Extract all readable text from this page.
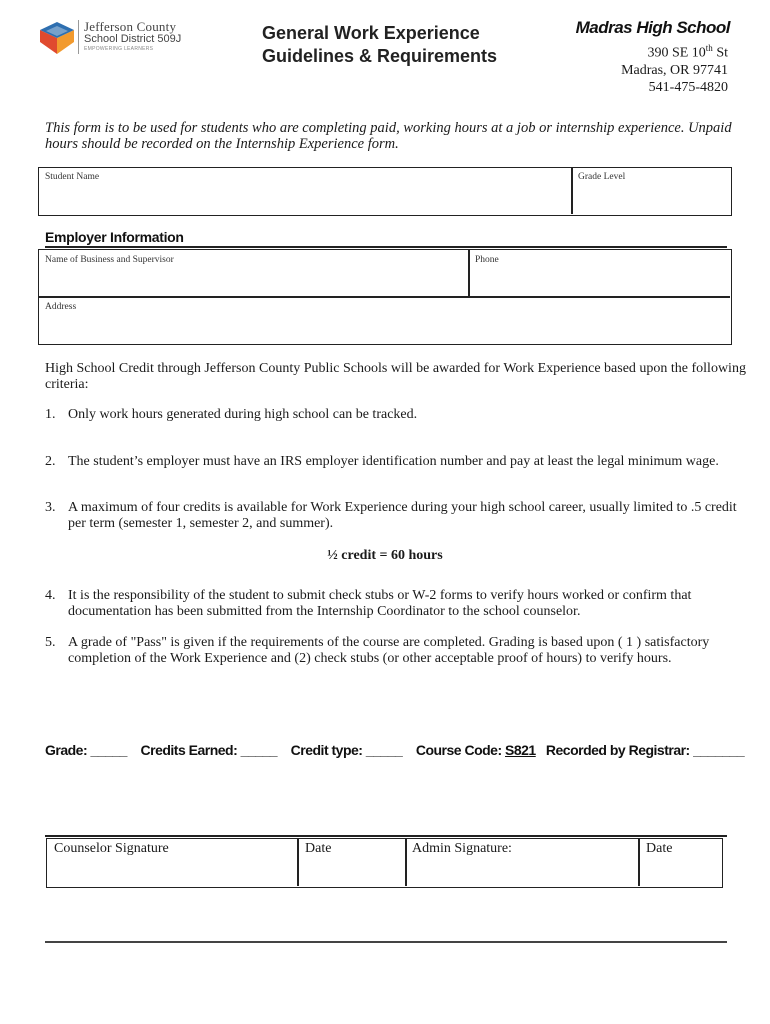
Jefferson County
School District 509J
EMPOWERING LEARNERS
General Work Experience Guidelines & Requirements
Madras High School
390 SE 10th St
Madras, OR 97741
541-475-4820
This form is to be used for students who are completing paid, working hours at a job or internship experience. Unpaid hours should be recorded on the Internship Experience form.
Student Name	Grade Level
Employer Information
Name of Business and Supervisor	Phone
Address
High School Credit through Jefferson County Public Schools will be awarded for Work Experience based upon the following criteria:
1. Only work hours generated during high school can be tracked.
2. The student’s employer must have an IRS employer identification number and pay at least the legal minimum wage.
3. A maximum of four credits is available for Work Experience during your high school career, usually limited to .5 credit per term (semester 1, semester 2, and summer).
½ credit = 60 hours
4. It is the responsibility of the student to submit check stubs or W-2 forms to verify hours worked or confirm that documentation has been submitted from the Internship Coordinator to the school counselor.
5. A grade of "Pass" is given if the requirements of the course are completed. Grading is based upon ( 1 ) satisfactory completion of the Work Experience and (2) check stubs (or other acceptable proof of hours) to verify hours.
Grade: _____ Credits Earned: _____ Credit type: _____ Course Code: S821 Recorded by Registrar: _______
Counselor Signature	Date	Admin Signature:	Date
